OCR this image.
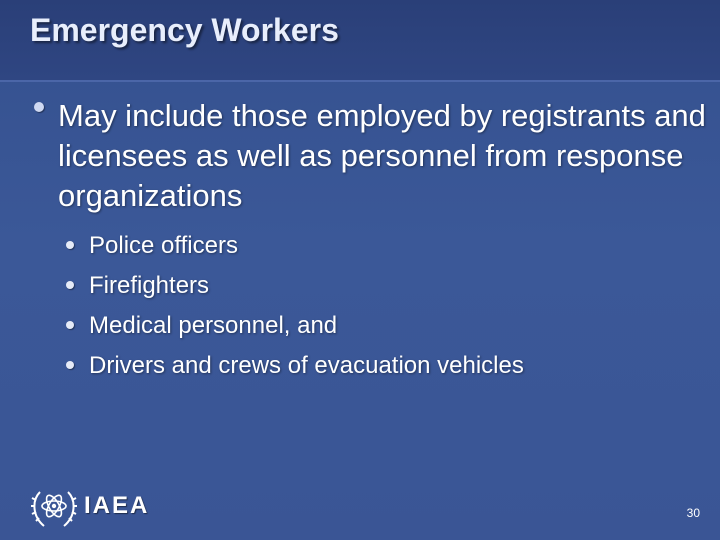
Emergency Workers
May include those employed by registrants and licensees as well as personnel from response organizations
Police officers
Firefighters
Medical personnel, and
Drivers and crews of evacuation vehicles
IAEA	30
